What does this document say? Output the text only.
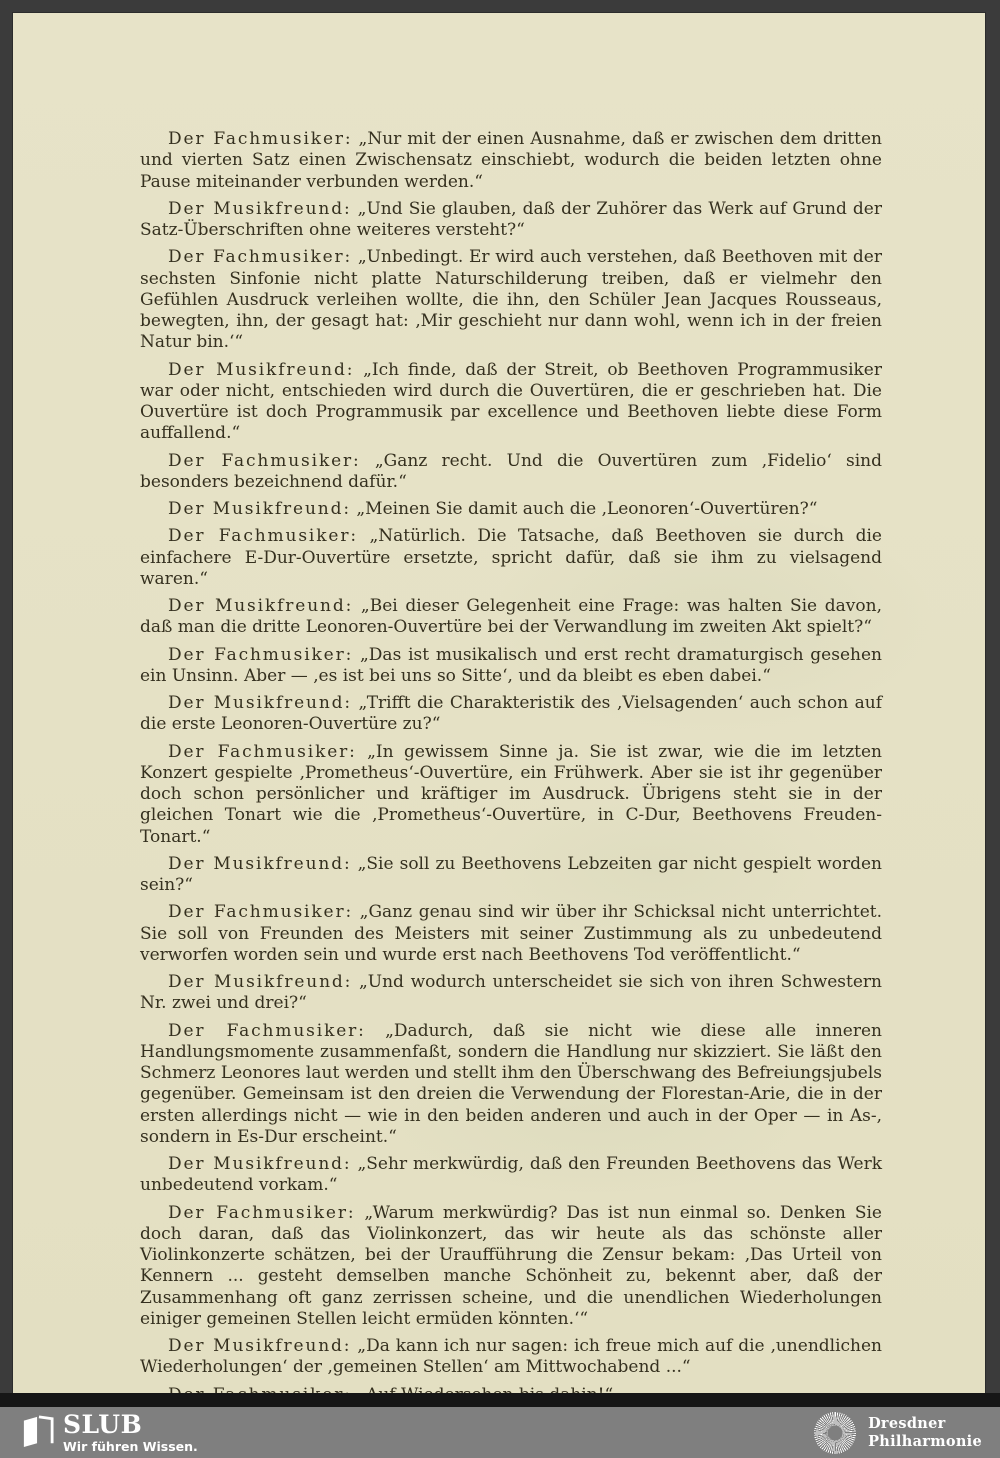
Der Fachmusiker: „Nur mit der einen Ausnahme, daß er zwischen dem dritten und vierten Satz einen Zwischensatz einschiebt, wodurch die beiden letzten ohne Pause miteinander verbunden werden.“

Der Musikfreund: „Und Sie glauben, daß der Zuhörer das Werk auf Grund der Satz-Überschriften ohne weiteres versteht?“

Der Fachmusiker: „Unbedingt. Er wird auch verstehen, daß Beethoven mit der sechsten Sinfonie nicht platte Naturschilderung treiben, daß er vielmehr den Gefühlen Ausdruck verleihen wollte, die ihn, den Schüler Jean Jacques Rousseaus, bewegten, ihn, der gesagt hat: ‚Mir geschieht nur dann wohl, wenn ich in der freien Natur bin.‘“

Der Musikfreund: „Ich finde, daß der Streit, ob Beethoven Programmusiker war oder nicht, entschieden wird durch die Ouvertüren, die er geschrieben hat. Die Ouvertüre ist doch Programmusik par excellence und Beethoven liebte diese Form auffallend.“

Der Fachmusiker: „Ganz recht. Und die Ouvertüren zum ‚Fidelio‘ sind besonders bezeichnend dafür.“

Der Musikfreund: „Meinen Sie damit auch die ‚Leonoren‘-Ouvertüren?“

Der Fachmusiker: „Natürlich. Die Tatsache, daß Beethoven sie durch die einfachere E-Dur-Ouvertüre ersetzte, spricht dafür, daß sie ihm zu vielsagend waren.“

Der Musikfreund: „Bei dieser Gelegenheit eine Frage: was halten Sie davon, daß man die dritte Leonoren-Ouvertüre bei der Verwandlung im zweiten Akt spielt?“

Der Fachmusiker: „Das ist musikalisch und erst recht dramaturgisch gesehen ein Unsinn. Aber — ‚es ist bei uns so Sitte‘, und da bleibt es eben dabei.“

Der Musikfreund: „Trifft die Charakteristik des ‚Vielsagenden‘ auch schon auf die erste Leonoren-Ouvertüre zu?“

Der Fachmusiker: „In gewissem Sinne ja. Sie ist zwar, wie die im letzten Konzert gespielte ‚Prometheus‘-Ouvertüre, ein Frühwerk. Aber sie ist ihr gegenüber doch schon persönlicher und kräftiger im Ausdruck. Übrigens steht sie in der gleichen Tonart wie die ‚Prometheus‘-Ouvertüre, in C-Dur, Beethovens Freuden-Tonart.“

Der Musikfreund: „Sie soll zu Beethovens Lebzeiten gar nicht gespielt worden sein?“

Der Fachmusiker: „Ganz genau sind wir über ihr Schicksal nicht unterrichtet. Sie soll von Freunden des Meisters mit seiner Zustimmung als zu unbedeutend verworfen worden sein und wurde erst nach Beethovens Tod veröffentlicht.“

Der Musikfreund: „Und wodurch unterscheidet sie sich von ihren Schwestern Nr. zwei und drei?“

Der Fachmusiker: „Dadurch, daß sie nicht wie diese alle inneren Handlungsmomente zusammenfaßt, sondern die Handlung nur skizziert. Sie läßt den Schmerz Leonores laut werden und stellt ihm den Überschwang des Befreiungsjubels gegenüber. Gemeinsam ist den dreien die Verwendung der Florestan-Arie, die in der ersten allerdings nicht — wie in den beiden anderen und auch in der Oper — in As-, sondern in Es-Dur erscheint.“

Der Musikfreund: „Sehr merkwürdig, daß den Freunden Beethovens das Werk unbedeutend vorkam.“

Der Fachmusiker: „Warum merkwürdig? Das ist nun einmal so. Denken Sie doch daran, daß das Violinkonzert, das wir heute als das schönste aller Violinkonzerte schätzen, bei der Uraufführung die Zensur bekam: ‚Das Urteil von Kennern ... gesteht demselben manche Schönheit zu, bekennt aber, daß der Zusammenhang oft ganz zerrissen scheine, und die unendlichen Wiederholungen einiger gemeinen Stellen leicht ermüden könnten.‘“

Der Musikfreund: „Da kann ich nur sagen: ich freue mich auf die ‚unendlichen Wiederholungen‘ der ‚gemeinen Stellen‘ am Mittwochabend ...“

SLUB
Wir führen Wissen.
Dresdner
Philharmonie
